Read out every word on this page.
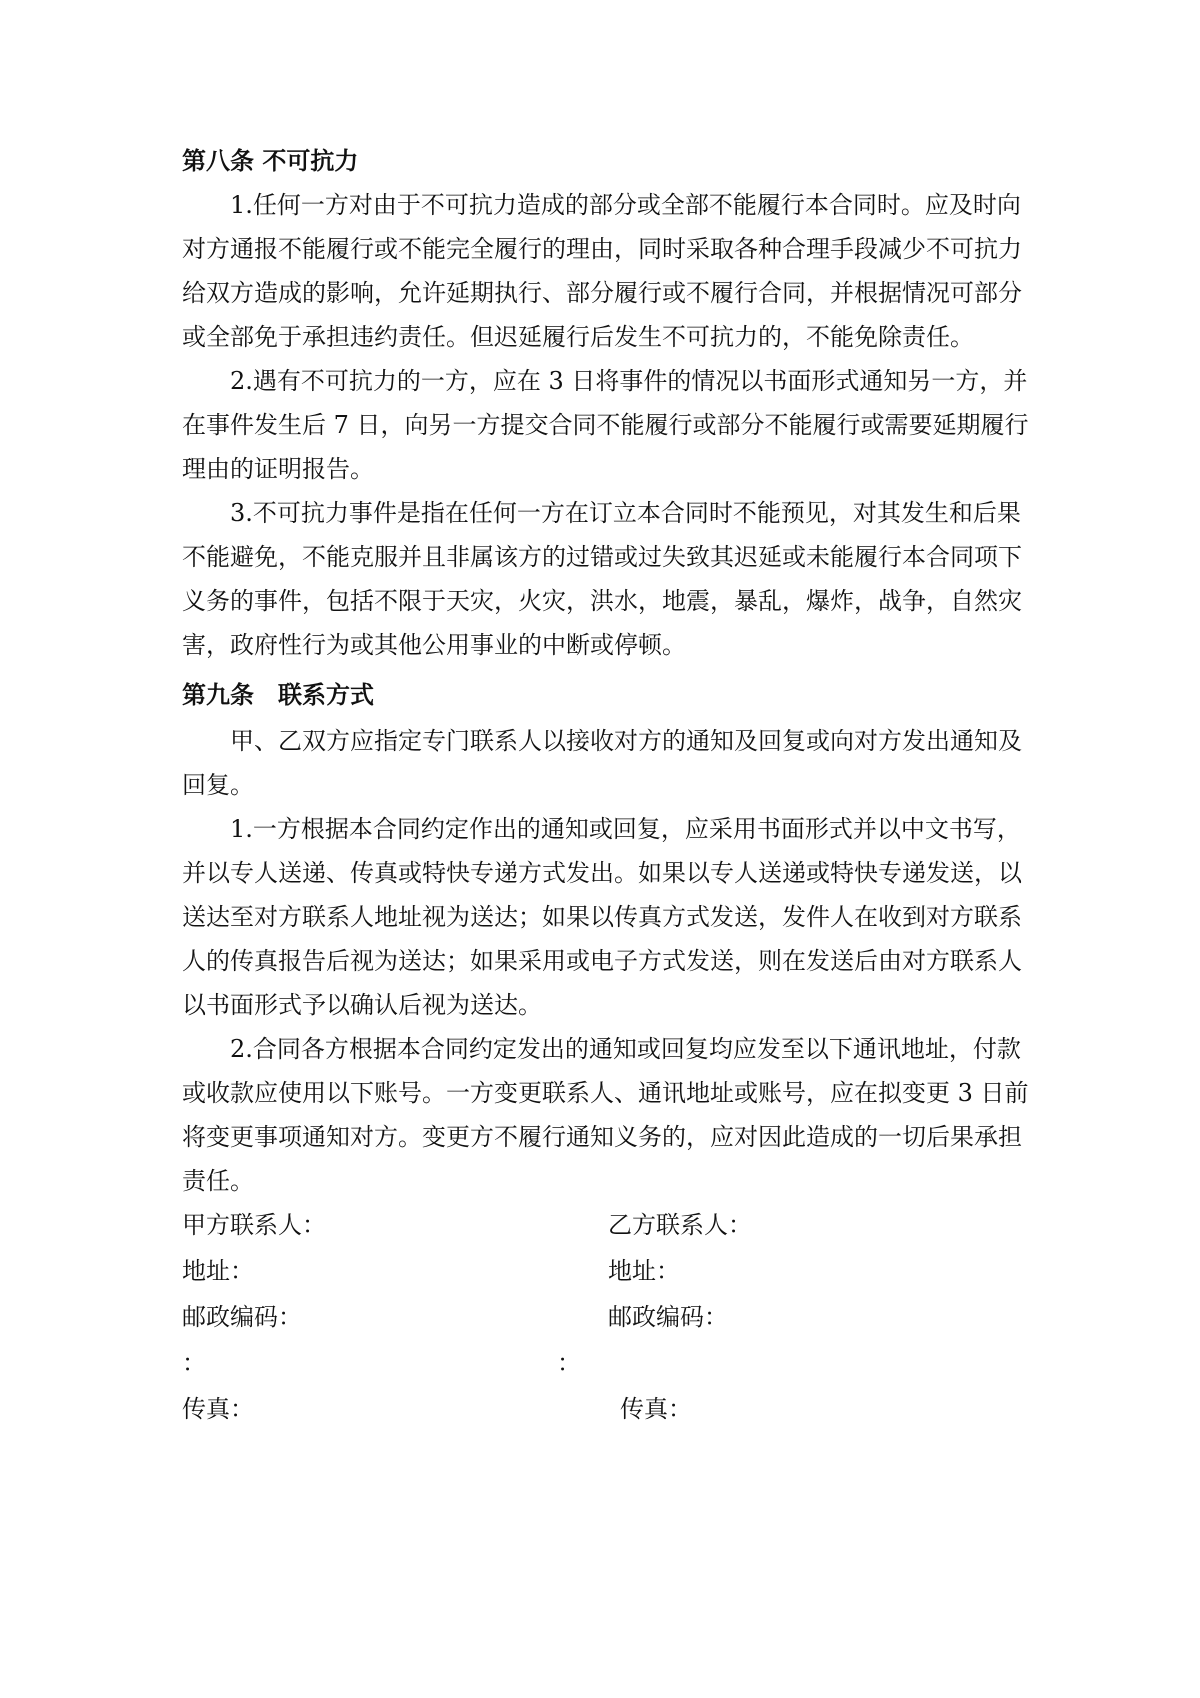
第八条 不可抗力
1.任何一方对由于不可抗力造成的部分或全部不能履行本合同时。应及时向
对方通报不能履行或不能完全履行的理由，同时采取各种合理手段减少不可抗力
给双方造成的影响，允许延期执行、部分履行或不履行合同，并根据情况可部分
或全部免于承担违约责任。但迟延履行后发生不可抗力的，不能免除责任。
2.遇有不可抗力的一方，应在 3 日将事件的情况以书面形式通知另一方，并
在事件发生后 7 日，向另一方提交合同不能履行或部分不能履行或需要延期履行
理由的证明报告。
3.不可抗力事件是指在任何一方在订立本合同时不能预见，对其发生和后果
不能避免，不能克服并且非属该方的过错或过失致其迟延或未能履行本合同项下
义务的事件，包括不限于天灾，火灾，洪水，地震，暴乱，爆炸，战争，自然灾
害，政府性行为或其他公用事业的中断或停顿。
第九条　联系方式
甲、乙双方应指定专门联系人以接收对方的通知及回复或向对方发出通知及
回复。
1.一方根据本合同约定作出的通知或回复，应采用书面形式并以中文书写，
并以专人送递、传真或特快专递方式发出。如果以专人送递或特快专递发送，以
送达至对方联系人地址视为送达；如果以传真方式发送，发件人在收到对方联系
人的传真报告后视为送达；如果采用或电子方式发送，则在发送后由对方联系人
以书面形式予以确认后视为送达。
2.合同各方根据本合同约定发出的通知或回复均应发至以下通讯地址，付款
或收款应使用以下账号。一方变更联系人、通讯地址或账号，应在拟变更 3 日前
将变更事项通知对方。变更方不履行通知义务的，应对因此造成的一切后果承担
责任。
甲方联系人：
地址：
邮政编码：
：
传真：
乙方联系人：
地址：
邮政编码：
：
传真：
